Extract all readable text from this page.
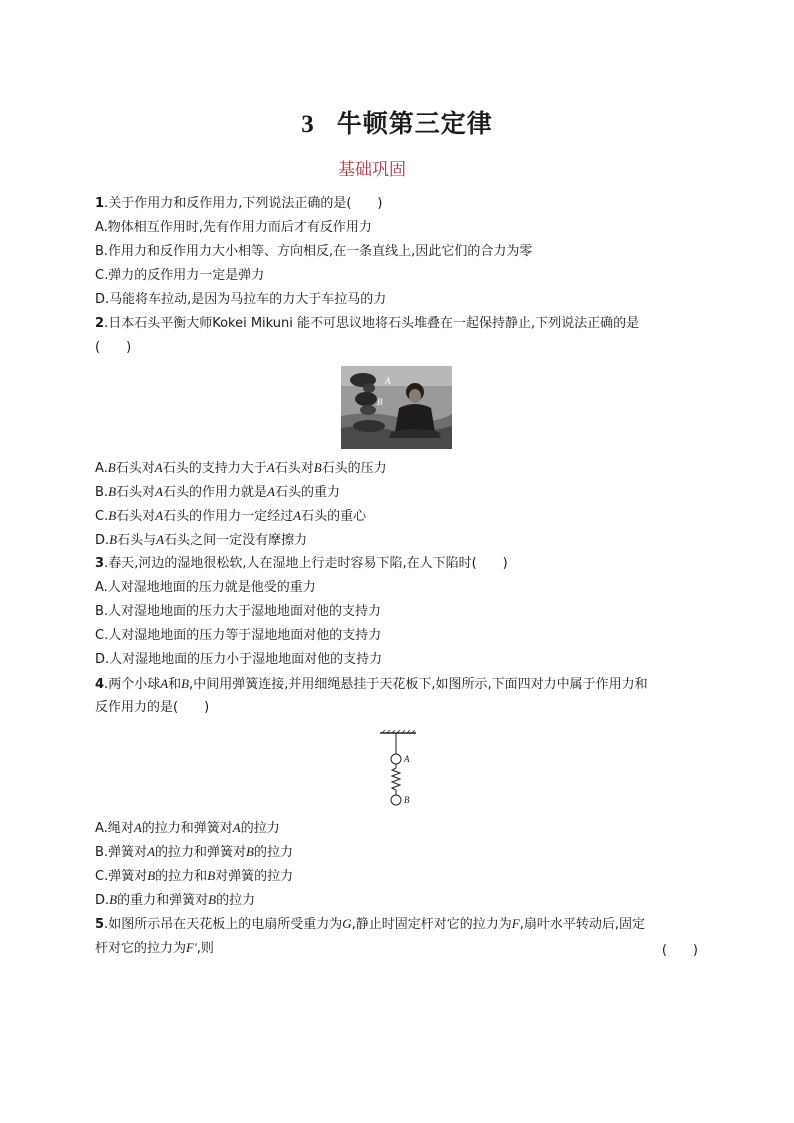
3 牛顿第三定律
基础巩固
1.关于作用力和反作用力,下列说法正确的是(　　)
A.物体相互作用时,先有作用力而后才有反作用力
B.作用力和反作用力大小相等、方向相反,在一条直线上,因此它们的合力为零
C.弹力的反作用力一定是弹力
D.马能将车拉动,是因为马拉车的力大于车拉马的力
2.日本石头平衡大师Kokei Mikuni 能不可思议地将石头堆叠在一起保持静止,下列说法正确的是
(　　)
A
B
A.B石头对A石头的支持力大于A石头对B石头的压力
B.B石头对A石头的作用力就是A石头的重力
C.B石头对A石头的作用力一定经过A石头的重心
D.B石头与A石头之间一定没有摩擦力
3.春天,河边的湿地很松软,人在湿地上行走时容易下陷,在人下陷时(　　)
A.人对湿地地面的压力就是他受的重力
B.人对湿地地面的压力大于湿地地面对他的支持力
C.人对湿地地面的压力等于湿地地面对他的支持力
D.人对湿地地面的压力小于湿地地面对他的支持力
4.两个小球A和B,中间用弹簧连接,并用细绳悬挂于天花板下,如图所示,下面四对力中属于作用力和
反作用力的是(　　)
A
B
A.绳对A的拉力和弹簧对A的拉力
B.弹簧对A的拉力和弹簧对B的拉力
C.弹簧对B的拉力和B对弹簧的拉力
D.B的重力和弹簧对B的拉力
5.如图所示吊在天花板上的电扇所受重力为G,静止时固定杆对它的拉力为F,扇叶水平转动后,固定
杆对它的拉力为F',则	(　　)
